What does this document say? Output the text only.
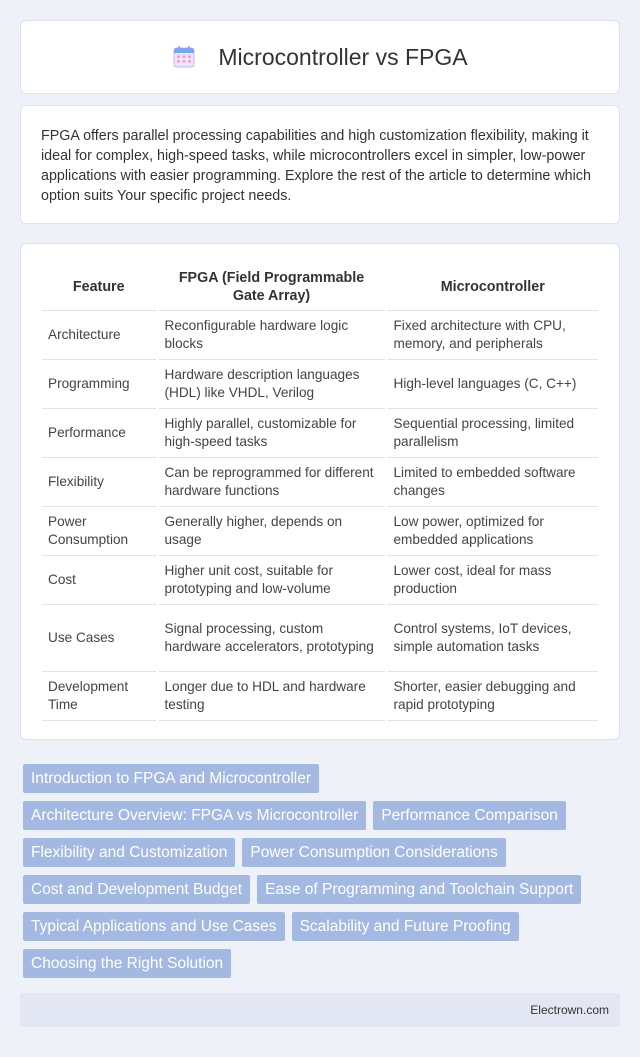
Microcontroller vs FPGA

FPGA offers parallel processing capabilities and high customization flexibility, making it ideal for complex, high-speed tasks, while microcontrollers excel in simpler, low-power applications with easier programming. Explore the rest of the article to determine which option suits Your specific project needs.

Feature	FPGA (Field Programmable Gate Array)	Microcontroller
Architecture	Reconfigurable hardware logic blocks	Fixed architecture with CPU, memory, and peripherals
Programming	Hardware description languages (HDL) like VHDL, Verilog	High-level languages (C, C++)
Performance	Highly parallel, customizable for high-speed tasks	Sequential processing, limited parallelism
Flexibility	Can be reprogrammed for different hardware functions	Limited to embedded software changes
Power Consumption	Generally higher, depends on usage	Low power, optimized for embedded applications
Cost	Higher unit cost, suitable for prototyping and low-volume	Lower cost, ideal for mass production
Use Cases	Signal processing, custom hardware accelerators, prototyping	Control systems, IoT devices, simple automation tasks
Development Time	Longer due to HDL and hardware testing	Shorter, easier debugging and rapid prototyping
Introduction to FPGA and Microcontroller
Architecture Overview: FPGA vs Microcontroller	Performance Comparison
Flexibility and Customization	Power Consumption Considerations
Cost and Development Budget	Ease of Programming and Toolchain Support
Typical Applications and Use Cases	Scalability and Future Proofing
Choosing the Right Solution
Electrown.com
